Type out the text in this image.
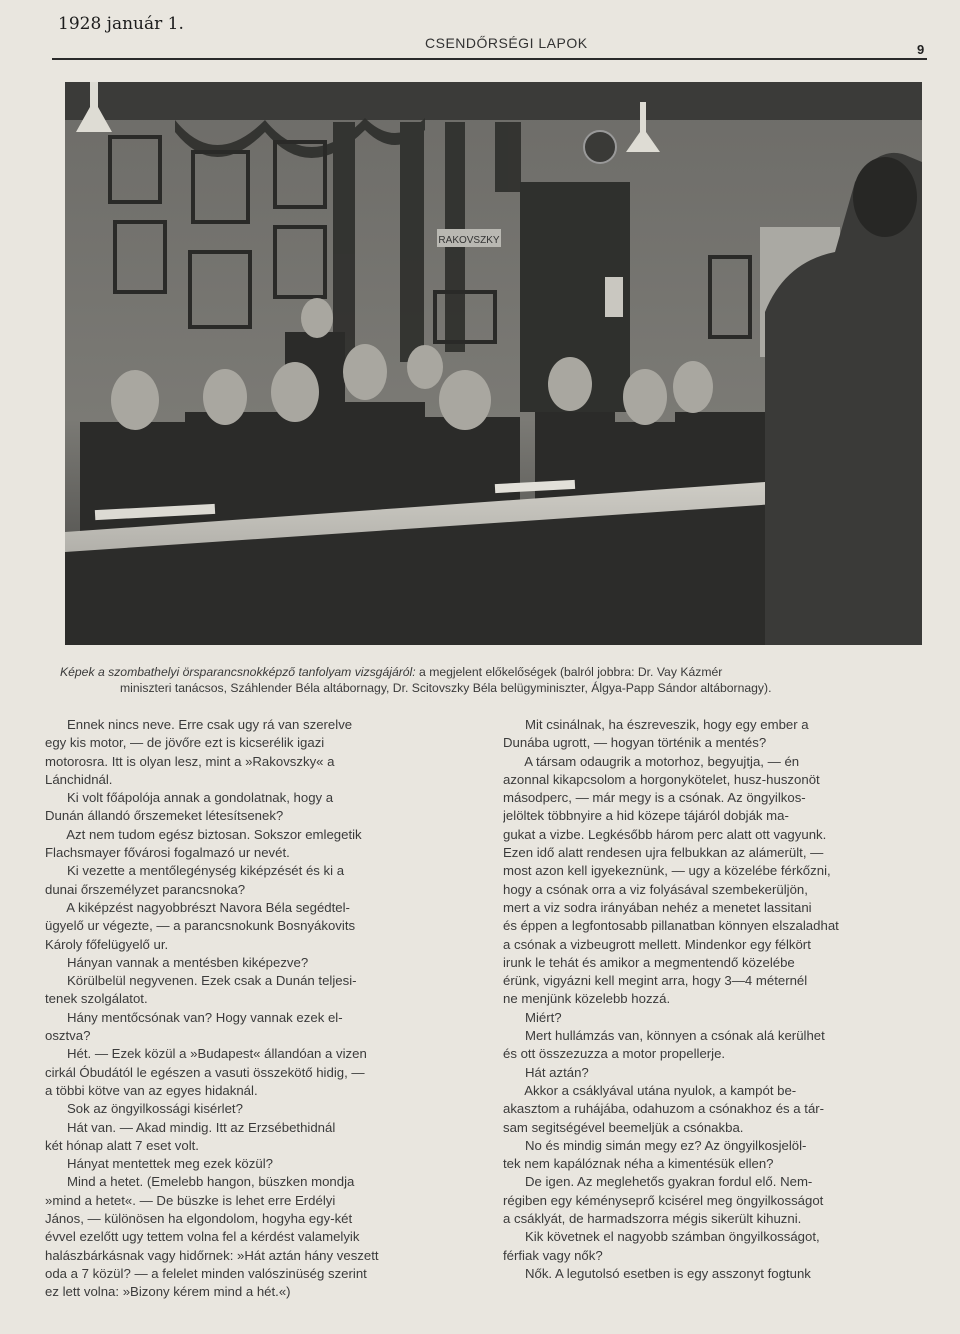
1928 január 1.
CSENDŐRSÉGI LAPOK	9
RAKOVSZKY
Képek a szombathelyi örsparancsnokképző tanfolyam vizsgájáról: a megjelent előkelőségek (balról jobbra: Dr. Vay Kázmér
miniszteri tanácsos, Száhlender Béla altábornagy, Dr. Scitovszky Béla belügyminiszter, Álgya-Papp Sándor altábornagy).
Ennek nincs neve. Erre csak ugy rá van szerelve
egy kis motor, — de jövőre ezt is kicserélik igazi
motorosra. Itt is olyan lesz, mint a »Rakovszky« a
Lánchidnál.
Ki volt főápolója annak a gondolatnak, hogy a
Dunán állandó őrszemeket létesítsenek?
Azt nem tudom egész biztosan. Sokszor emlegetik
Flachsmayer fővárosi fogalmazó ur nevét.
Ki vezette a mentőlegénység kiképzését és ki a
dunai őrszemélyzet parancsnoka?
A kiképzést nagyobbrészt Navora Béla segédtel-
ügyelő ur végezte, — a parancsnokunk Bosnyákovits
Károly főfelügyelő ur.
Hányan vannak a mentésben kiképezve?
Körülbelül negyvenen. Ezek csak a Dunán teljesi-
tenek szolgálatot.
Hány mentőcsónak van? Hogy vannak ezek el-
osztva?
Hét. — Ezek közül a »Budapest« állandóan a vizen
cirkál Óbudától le egészen a vasuti összekötő hidig, —
a többi kötve van az egyes hidaknál.
Sok az öngyilkossági kisérlet?
Hát van. — Akad mindig. Itt az Erzsébethidnál
két hónap alatt 7 eset volt.
Hányat mentettek meg ezek közül?
Mind a hetet. (Emelebb hangon, büszken mondja
»mind a hetet«. — De büszke is lehet erre Erdélyi
János, — különösen ha elgondolom, hogyha egy-két
évvel ezelőtt ugy tettem volna fel a kérdést valamelyik
halászbárkásnak vagy hidőrnek: »Hát aztán hány veszett
oda a 7 közül? — a felelet minden valószinüség szerint
ez lett volna: »Bizony kérem mind a hét.«)
Mit csinálnak, ha észreveszik, hogy egy ember a
Dunába ugrott, — hogyan történik a mentés?
A társam odaugrik a motorhoz, begyujtja, — én
azonnal kikapcsolom a horgonykötelet, husz-huszonöt
másodperc, — már megy is a csónak. Az öngyilkos-
jelöltek többnyire a hid közepe tájáról dobják ma-
gukat a vizbe. Legkésőbb három perc alatt ott vagyunk.
Ezen idő alatt rendesen ujra felbukkan az alámerült, —
most azon kell igyekeznünk, — ugy a közelébe férkőzni,
hogy a csónak orra a viz folyásával szembekerüljön,
mert a viz sodra irányában nehéz a menetet lassitani
és éppen a legfontosabb pillanatban könnyen elszaladhat
a csónak a vizbeugrott mellett. Mindenkor egy félkört
irunk le tehát és amikor a megmentendő közelébe
érünk, vigyázni kell megint arra, hogy 3—4 méternél
ne menjünk közelebb hozzá.
Miért?
Mert hullámzás van, könnyen a csónak alá kerülhet
és ott összezuzza a motor propellerje.
Hát aztán?
Akkor a csáklyával utána nyulok, a kampót be-
akasztom a ruhájába, odahuzom a csónakhoz és a tár-
sam segitségével beemeljük a csónakba.
No és mindig simán megy ez? Az öngyilkosjelöl-
tek nem kapálóznak néha a kimentésük ellen?
De igen. Az meglehetős gyakran fordul elő. Nem-
régiben egy kéményseprő kcisérel meg öngyilkosságot
a csáklyát, de harmadszorra mégis sikerült kihuzni.
Kik követnek el nagyobb számban öngyilkosságot,
férfiak vagy nők?
Nők. A legutolsó esetben is egy asszonyt fogtunk
